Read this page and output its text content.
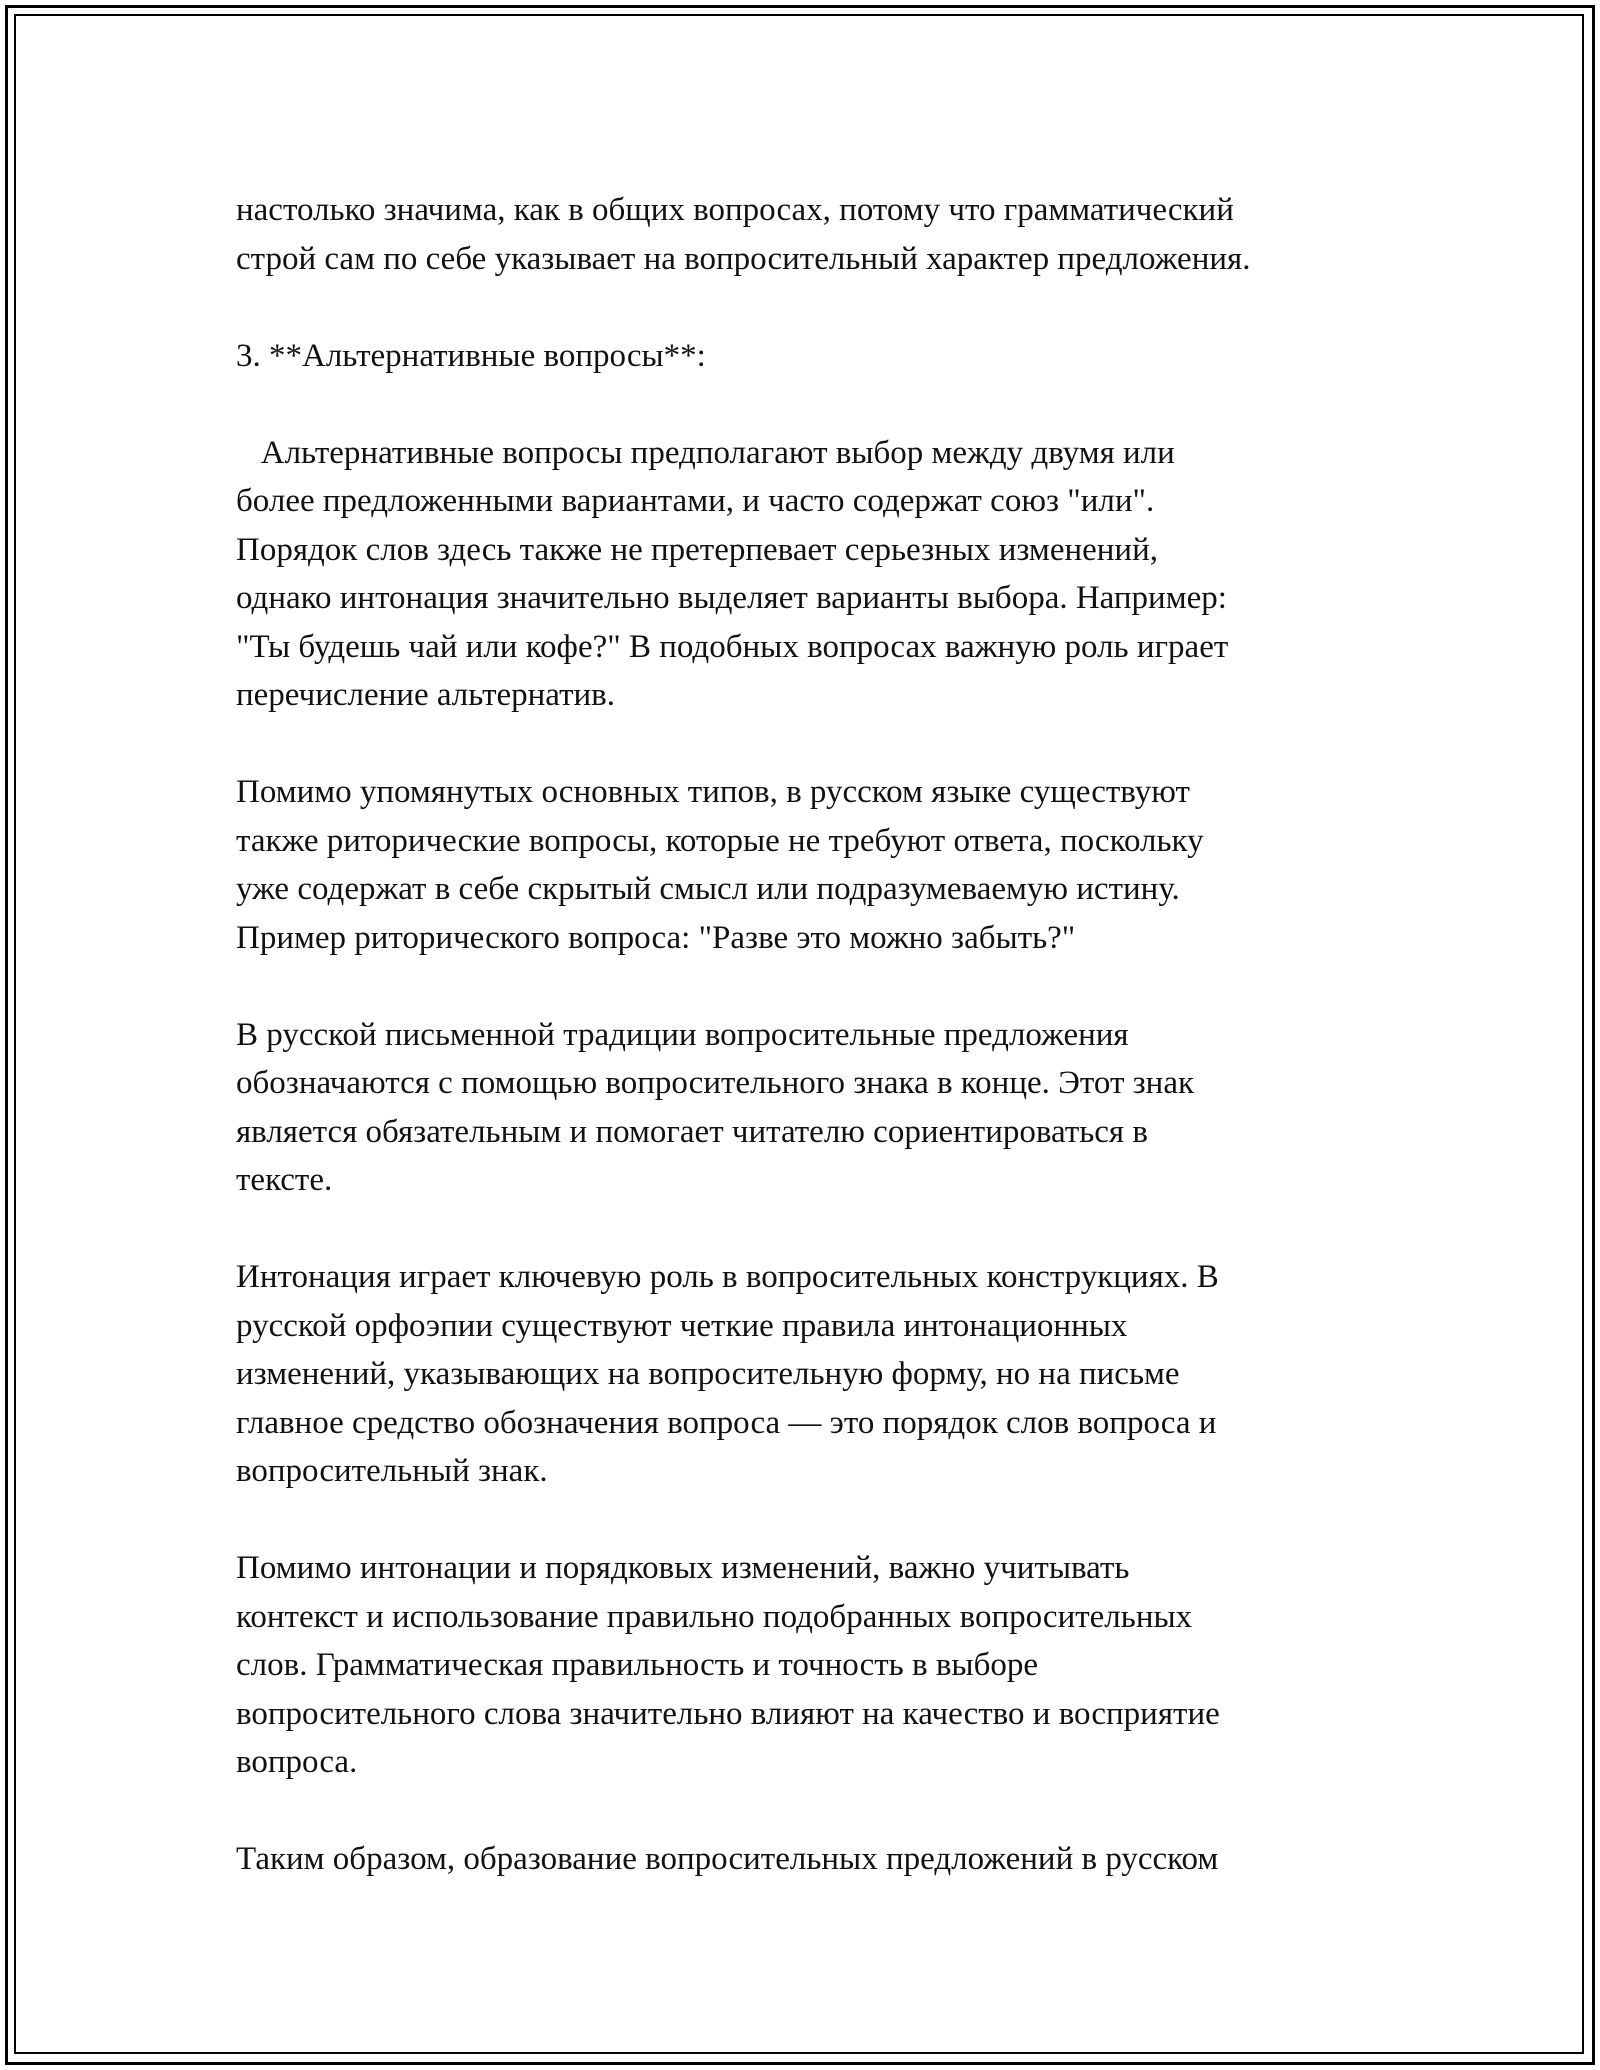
настолько значима, как в общих вопросах, потому что грамматический
строй сам по себе указывает на вопросительный характер предложения.

3. **Альтернативные вопросы**:

Альтернативные вопросы предполагают выбор между двумя или
более предложенными вариантами, и часто содержат союз "или".
Порядок слов здесь также не претерпевает серьезных изменений,
однако интонация значительно выделяет варианты выбора. Например:
"Ты будешь чай или кофе?" В подобных вопросах важную роль играет
перечисление альтернатив.

Помимо упомянутых основных типов, в русском языке существуют
также риторические вопросы, которые не требуют ответа, поскольку
уже содержат в себе скрытый смысл или подразумеваемую истину.
Пример риторического вопроса: "Разве это можно забыть?"

В русской письменной традиции вопросительные предложения
обозначаются с помощью вопросительного знака в конце. Этот знак
является обязательным и помогает читателю сориентироваться в
тексте.

Интонация играет ключевую роль в вопросительных конструкциях. В
русской орфоэпии существуют четкие правила интонационных
изменений, указывающих на вопросительную форму, но на письме
главное средство обозначения вопроса — это порядок слов вопроса и
вопросительный знак.

Помимо интонации и порядковых изменений, важно учитывать
контекст и использование правильно подобранных вопросительных
слов. Грамматическая правильность и точность в выборе
вопросительного слова значительно влияют на качество и восприятие
вопроса.

Таким образом, образование вопросительных предложений в русском
